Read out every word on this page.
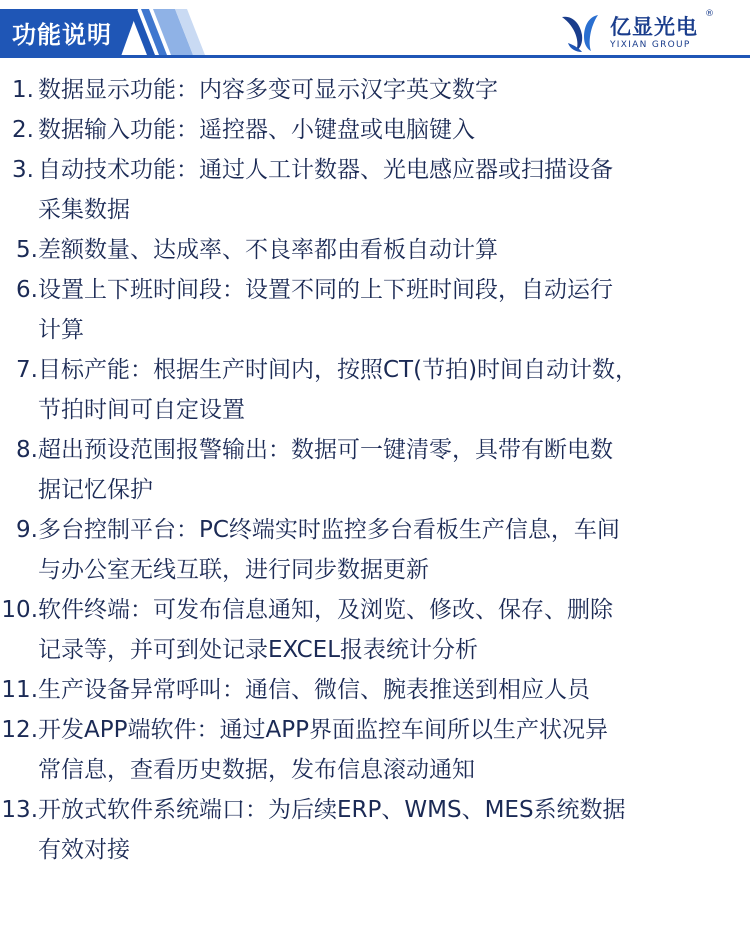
功能说明	亿显光电
®
YIXIAN GROUP
1. 数据显示功能：内容多变可显示汉字英文数字
2. 数据输入功能：遥控器、小键盘或电脑键入
3. 自动技术功能：通过人工计数器、光电感应器或扫描设备
采集数据
5. 差额数量、达成率、不良率都由看板自动计算
6. 设置上下班时间段：设置不同的上下班时间段，自动运行
计算
7. 目标产能：根据生产时间内，按照CT(节拍)时间自动计数，
节拍时间可自定设置
8. 超出预设范围报警输出：数据可一键清零，具带有断电数
据记忆保护
9. 多台控制平台：PC终端实时监控多台看板生产信息，车间
与办公室无线互联，进行同步数据更新
10. 软件终端：可发布信息通知，及浏览、修改、保存、删除
记录等，并可到处记录EXCEL报表统计分析
11. 生产设备异常呼叫：通信、微信、腕表推送到相应人员
12. 开发APP端软件：通过APP界面监控车间所以生产状况异
常信息，查看历史数据，发布信息滚动通知
13. 开放式软件系统端口：为后续ERP、WMS、MES系统数据
有效对接
